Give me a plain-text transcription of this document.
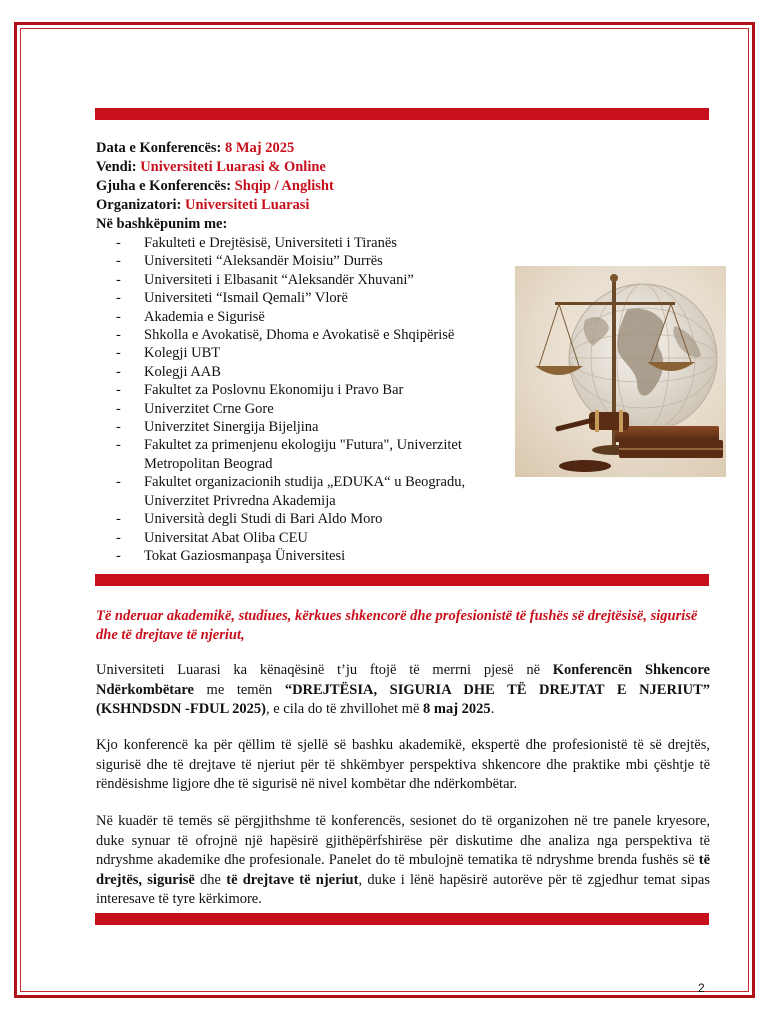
Data e Konferencës: 8 Maj 2025
Vendi: Universiteti Luarasi & Online
Gjuha e Konferencës: Shqip / Anglisht
Organizatori: Universiteti Luarasi
Në bashkëpunim me:
- Fakulteti e Drejtësisë, Universiteti i Tiranës
- Universiteti “Aleksandër Moisiu” Durrës
- Universiteti i Elbasanit “Aleksandër Xhuvani”
- Universiteti “Ismail Qemali” Vlorë
- Akademia e Sigurisë
- Shkolla e Avokatisë, Dhoma e Avokatisë e Shqipërisë
- Kolegji UBT
- Kolegji AAB
- Fakultet za Poslovnu Ekonomiju i Pravo Bar
- Univerzitet Crne Gore
- Univerzitet Sinergija Bijeljina
- Fakultet za primenjenu ekologiju "Futura", Univerzitet Metropolitan Beograd
- Fakultet organizacionih studija „EDUKA“ u Beogradu, Univerzitet Privredna Akademija
- Università degli Studi di Bari Aldo Moro
- Universitat Abat Oliba CEU
- Tokat Gaziosmanpaşa Üniversitesi
Të nderuar akademikë, studiues, kërkues shkencorë dhe profesionistë të fushës së drejtësisë, sigurisë dhe të drejtave të njeriut,

Universiteti Luarasi ka kënaqësinë t’ju ftojë të merrni pjesë në Konferencën Shkencore Ndërkombëtare me temën “DREJTËSIA, SIGURIA DHE TË DREJTAT E NJERIUT” (KSHNDSDN -FDUL 2025), e cila do të zhvillohet më 8 maj 2025.

Kjo konferencë ka për qëllim të sjellë së bashku akademikë, ekspertë dhe profesionistë të së drejtës, sigurisë dhe të drejtave të njeriut për të shkëmbyer perspektiva shkencore dhe praktike mbi çështje të rëndësishme ligjore dhe të sigurisë në nivel kombëtar dhe ndërkombëtar.

Në kuadër të temës së përgjithshme të konferencës, sesionet do të organizohen në tre panele kryesore, duke synuar të ofrojnë një hapësirë gjithëpërfshirëse për diskutime dhe analiza nga perspektiva të ndryshme akademike dhe profesionale. Panelet do të mbulojnë tematika të ndryshme brenda fushës së të drejtës, sigurisë dhe të drejtave të njeriut, duke i lënë hapësirë autorëve për të zgjedhur temat sipas interesave të tyre kërkimore.

2
